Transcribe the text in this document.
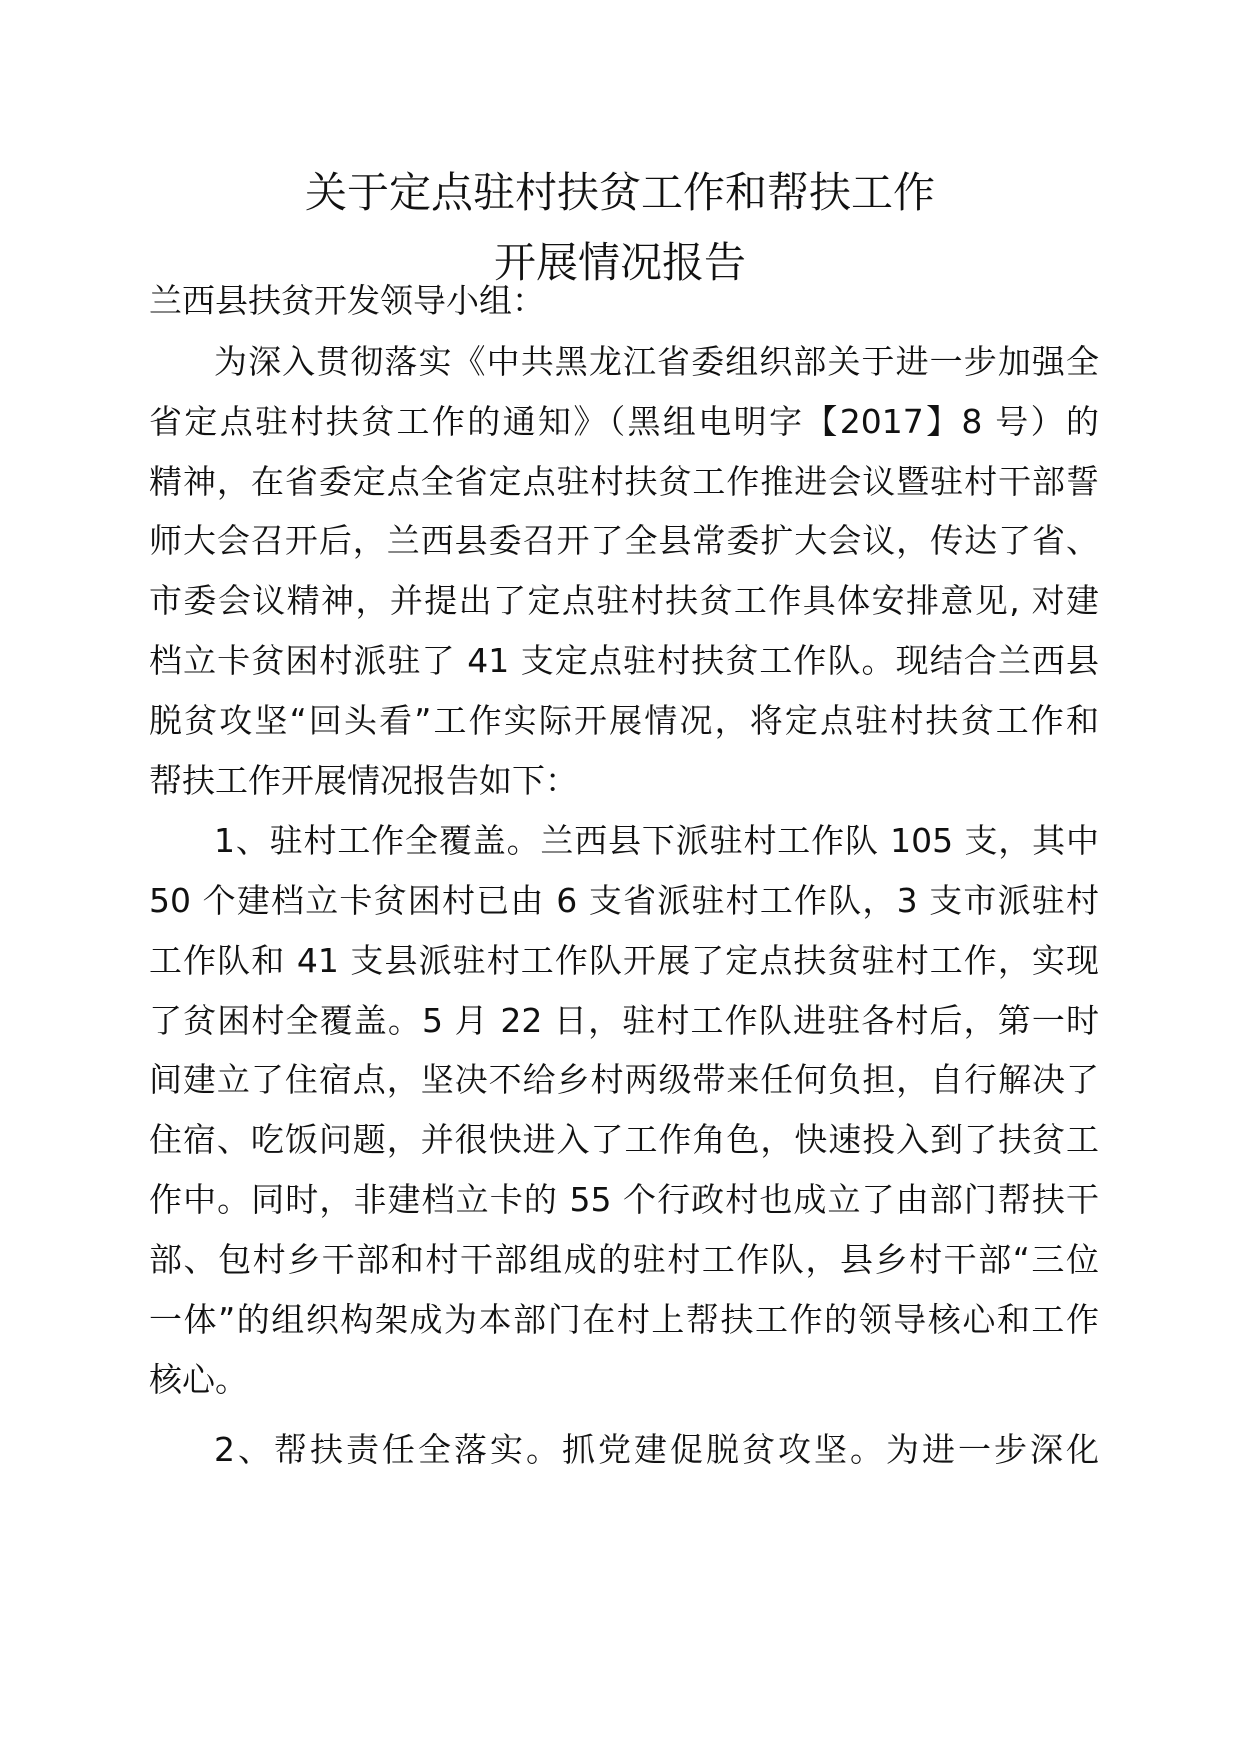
关于定点驻村扶贫工作和帮扶工作
开展情况报告
兰西县扶贫开发领导小组：
为深入贯彻落实《中共黑龙江省委组织部关于进一步加强全
省定点驻村扶贫工作的通知》（黑组电明字【2017】8 号）的
精神，在省委定点全省定点驻村扶贫工作推进会议暨驻村干部誓
师大会召开后，兰西县委召开了全县常委扩大会议，传达了省、
市委会议精神，并提出了定点驻村扶贫工作具体安排意见, 对建
档立卡贫困村派驻了 41 支定点驻村扶贫工作队。现结合兰西县
脱贫攻坚“回头看”工作实际开展情况，将定点驻村扶贫工作和
帮扶工作开展情况报告如下：
1、驻村工作全覆盖。兰西县下派驻村工作队 105 支，其中
50 个建档立卡贫困村已由 6 支省派驻村工作队，3 支市派驻村
工作队和 41 支县派驻村工作队开展了定点扶贫驻村工作，实现
了贫困村全覆盖。5 月 22 日，驻村工作队进驻各村后，第一时
间建立了住宿点，坚决不给乡村两级带来任何负担，自行解决了
住宿、吃饭问题，并很快进入了工作角色，快速投入到了扶贫工
作中。同时，非建档立卡的 55 个行政村也成立了由部门帮扶干
部、包村乡干部和村干部组成的驻村工作队，县乡村干部“三位
一体”的组织构架成为本部门在村上帮扶工作的领导核心和工作
核心。
2、帮扶责任全落实。抓党建促脱贫攻坚。为进一步深化
